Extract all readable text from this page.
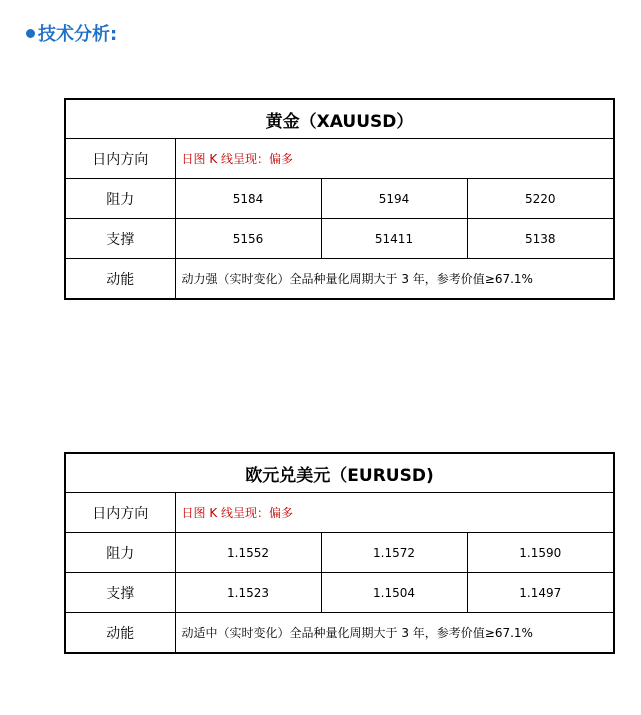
技术分析:
黄金（XAUUSD）			
日内方向	日图 K 线呈现：偏多		
阻力	5184	5194	5220
支撑	5156	51411	5138
动能	动力强（实时变化）全品种量化周期大于 3 年，参考价值≥67.1%		
欧元兑美元（EURUSD)			
日内方向	日图 K 线呈现：偏多		
阻力	1.1552	1.1572	1.1590
支撑	1.1523	1.1504	1.1497
动能	动适中（实时变化）全品种量化周期大于 3 年，参考价值≥67.1%		
